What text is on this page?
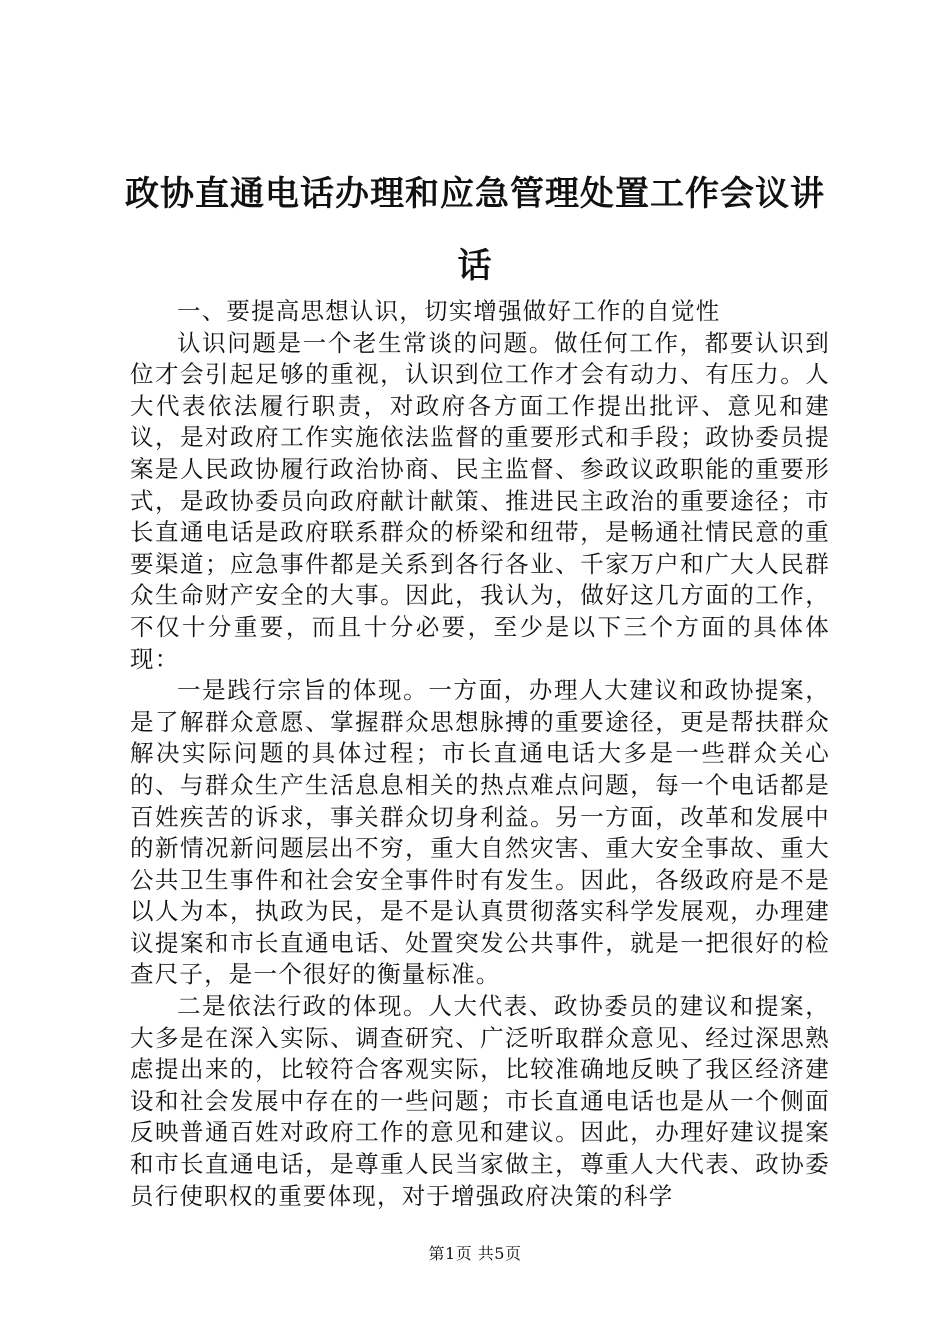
政协直通电话办理和应急管理处置工作会议讲话

一、要提高思想认识，切实增强做好工作的自觉性

认识问题是一个老生常谈的问题。做任何工作，都要认识到位才会引起足够的重视，认识到位工作才会有动力、有压力。人大代表依法履行职责，对政府各方面工作提出批评、意见和建议，是对政府工作实施依法监督的重要形式和手段；政协委员提案是人民政协履行政治协商、民主监督、参政议政职能的重要形式，是政协委员向政府献计献策、推进民主政治的重要途径；市长直通电话是政府联系群众的桥梁和纽带，是畅通社情民意的重要渠道；应急事件都是关系到各行各业、千家万户和广大人民群众生命财产安全的大事。因此，我认为，做好这几方面的工作，不仅十分重要，而且十分必要，至少是以下三个方面的具体体现：

一是践行宗旨的体现。一方面，办理人大建议和政协提案，是了解群众意愿、掌握群众思想脉搏的重要途径，更是帮扶群众解决实际问题的具体过程；市长直通电话大多是一些群众关心的、与群众生产生活息息相关的热点难点问题，每一个电话都是百姓疾苦的诉求，事关群众切身利益。另一方面，改革和发展中的新情况新问题层出不穷，重大自然灾害、重大安全事故、重大公共卫生事件和社会安全事件时有发生。因此，各级政府是不是以人为本，执政为民，是不是认真贯彻落实科学发展观，办理建议提案和市长直通电话、处置突发公共事件，就是一把很好的检查尺子，是一个很好的衡量标准。

二是依法行政的体现。人大代表、政协委员的建议和提案，大多是在深入实际、调查研究、广泛听取群众意见、经过深思熟虑提出来的，比较符合客观实际，比较准确地反映了我区经济建设和社会发展中存在的一些问题；市长直通电话也是从一个侧面反映普通百姓对政府工作的意见和建议。因此，办理好建议提案和市长直通电话，是尊重人民当家做主，尊重人大代表、政协委员行使职权的重要体现，对于增强政府决策的科学

第1页 共5页
